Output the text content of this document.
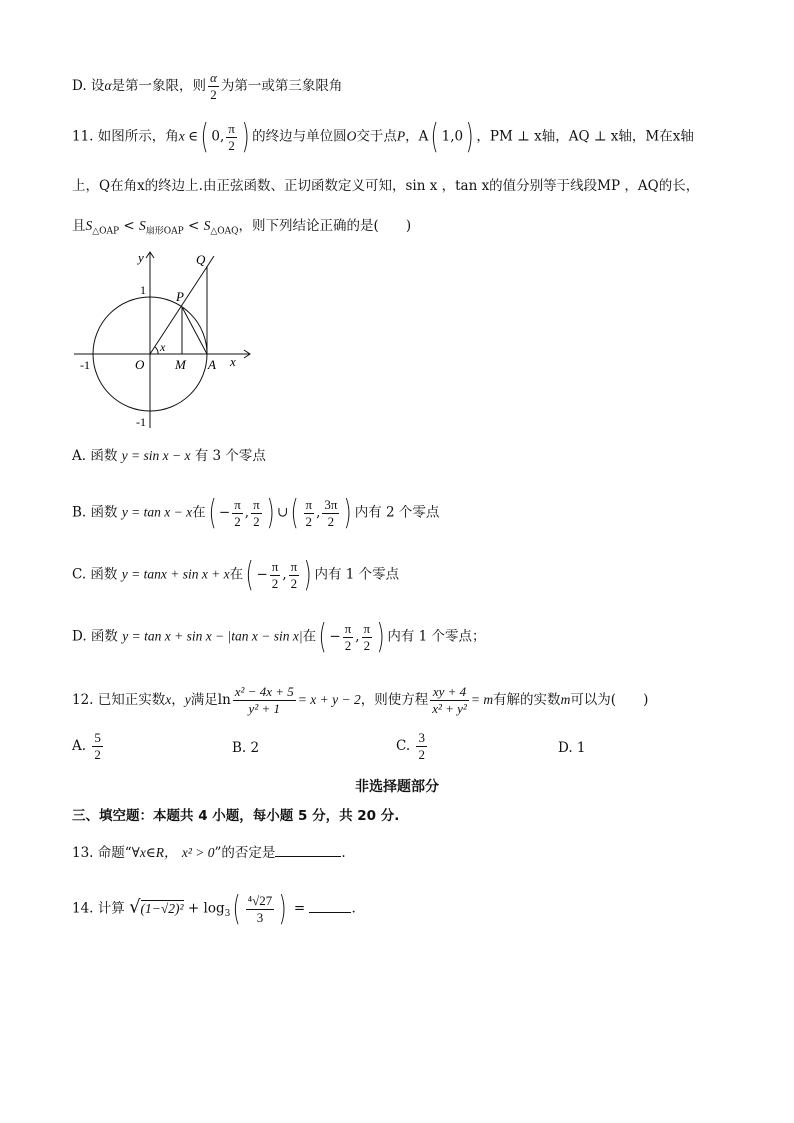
D. 设α是第一象限，则 $\frac{\alpha}{2}$ 为第一或第三象限角
11. 如图所示，角x ∈( 0, $\frac{\pi}{2}$ ) 的终边与单位圆O交于点P，A( 1,0) ，PM ⊥ x轴，AQ ⊥ x轴，M在x轴
上，Q在角x的终边上.由正弦函数、正切函数定义可知，sin x ，tan x的值分别等于线段MP ，AQ的长，
且$S_{\triangle OAP} < S_{扇形OAP} < S_{\triangle OAQ}$，则下列结论正确的是(　　)
x
y	Q
P
1
-1	O M A
-1
x
A. 函数 y = sin x − x 有 3 个零点
B. 函数 y = tan x − x在( − $\frac{\pi}{2}$ , $\frac{\pi}{2}$ ) ∪( $\frac{\pi}{2}$ , $\frac{3\pi}{2}$ ) 内有 2 个零点
C. 函数 y = tanx + sin x + x在( − $\frac{\pi}{2}$ , $\frac{\pi}{2}$ ) 内有 1 个零点
D. 函数 y = tan x + sin x − |tan x − sin x|在( − $\frac{\pi}{2}$ , $\frac{\pi}{2}$ ) 内有 1 个零点；
12. 已知正实数x，y满足$\ln \frac{\text{x² − 4x + 5}}{\text{y² + 1}} = x + y - 2$，则使方程 $\frac{xy + 4}{\text{x² + y²}} = m$有解的实数m可以为(　　)
A. $\frac{5}{2}$	B. 2	C. $\frac{3}{2}$	D. 1
非选择题部分
三、填空题：本题共 4 小题，每小题 5 分，共 20 分.
13. 命题“∀x∈R， x² > 0”的否定是	.
14. 计算 $√(1-√2)^2 + \log_3( \frac{\text{⁴√27}}{3}$ ) =	.
